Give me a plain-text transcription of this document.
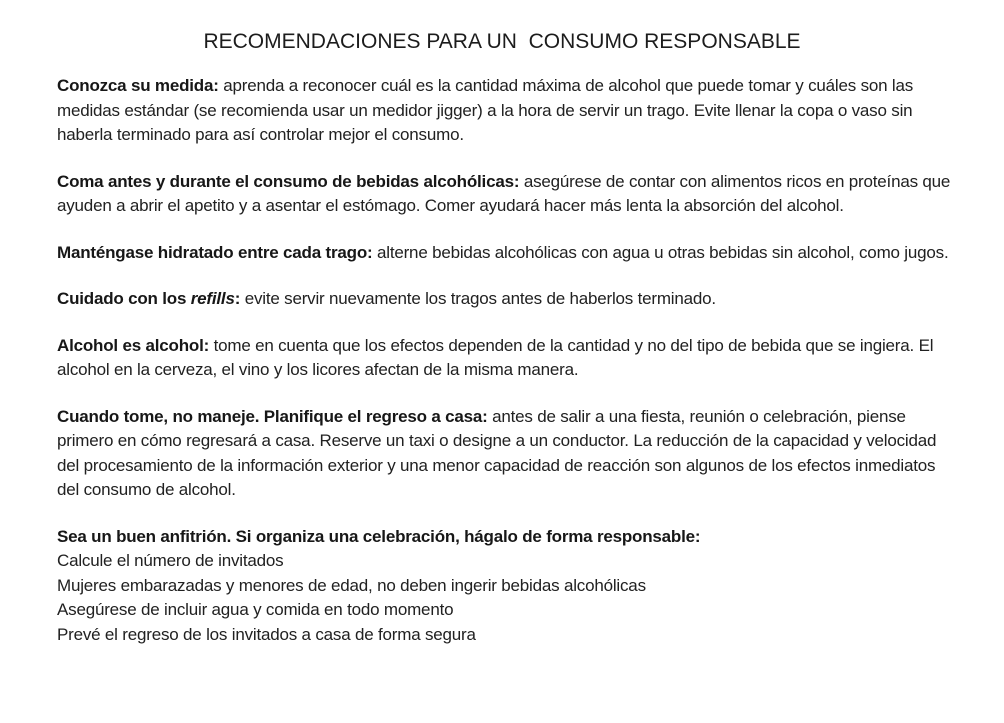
RECOMENDACIONES PARA UN  CONSUMO RESPONSABLE

Conozca su medida: aprenda a reconocer cuál es la cantidad máxima de alcohol que puede tomar y cuáles son las medidas estándar (se recomienda usar un medidor jigger) a la hora de servir un trago. Evite llenar la copa o vaso sin haberla terminado para así controlar mejor el consumo.

Coma antes y durante el consumo de bebidas alcohólicas: asegúrese de contar con alimentos ricos en proteínas que ayuden a abrir el apetito y a asentar el estómago. Comer ayudará hacer más lenta la absorción del alcohol.

Manténgase hidratado entre cada trago: alterne bebidas alcohólicas con agua u otras bebidas sin alcohol, como jugos.

Cuidado con los refills: evite servir nuevamente los tragos antes de haberlos terminado.

Alcohol es alcohol: tome en cuenta que los efectos dependen de la cantidad y no del tipo de bebida que se ingiera. El alcohol en la cerveza, el vino y los licores afectan de la misma manera.

Cuando tome, no maneje. Planifique el regreso a casa: antes de salir a una fiesta, reunión o celebración, piense primero en cómo regresará a casa. Reserve un taxi o designe a un conductor. La reducción de la capacidad y velocidad del procesamiento de la información exterior y una menor capacidad de reacción son algunos de los efectos inmediatos del consumo de alcohol.

Sea un buen anfitrión. Si organiza una celebración, hágalo de forma responsable:
Calcule el número de invitados
Mujeres embarazadas y menores de edad, no deben ingerir bebidas alcohólicas
Asegúrese de incluir agua y comida en todo momento
Prevé el regreso de los invitados a casa de forma segura
